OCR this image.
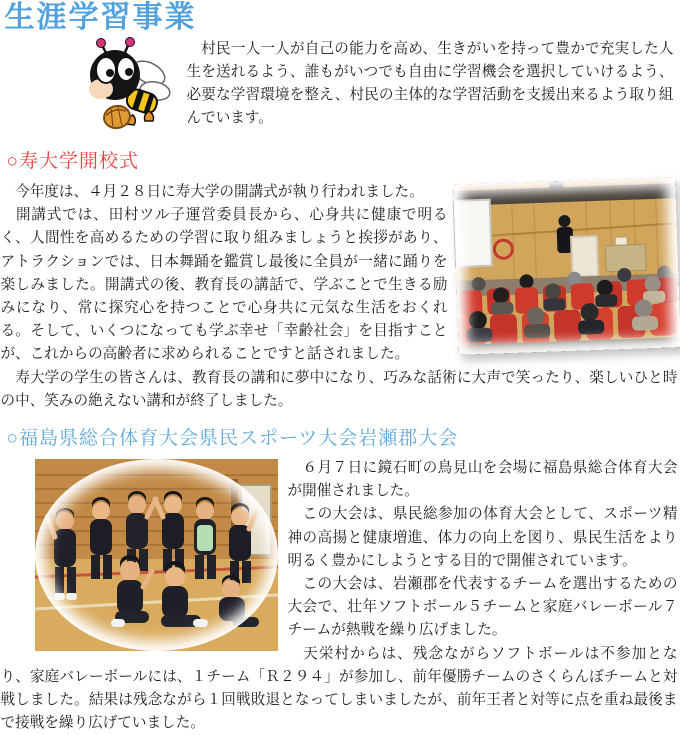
生涯学習事業

　村民一人一人が自己の能力を高め、生きがいを持って豊かで充実した人生を送れるよう、誰もがいつでも自由に学習機会を選択していけるよう、必要な学習環境を整え、村民の主体的な学習活動を支援出来るよう取り組んでいます。

○寿大学開校式

　今年度は、４月２８日に寿大学の開講式が執り行われました。

　開講式では、田村ツル子運営委員長から、心身共に健康で明るく、人間性を高めるための学習に取り組みましょうと挨拶があり、アトラクションでは、日本舞踊を鑑賞し最後に全員が一緒に踊りを楽しみました。開講式の後、教育長の講話で、学ぶことで生きる励みになり、常に探究心を持つことで心身共に元気な生活をおくれる。そして、いくつになっても学ぶ幸せ「幸齢社会」を目指すことが、これからの高齢者に求められることですと話されました。

　寿大学の学生の皆さんは、教育長の講和に夢中になり、巧みな話術に大声で笑ったり、楽しいひと時の中、笑みの絶えない講和が終了しました。

○福島県総合体育大会県民スポーツ大会岩瀬郡大会

　６月７日に鏡石町の鳥見山を会場に福島県総合体育大会が開催されました。

　この大会は、県民総参加の体育大会として、スポーツ精神の高揚と健康増進、体力の向上を図り、県民生活をより明るく豊かにしようとする目的で開催されています。

　この大会は、岩瀬郡を代表するチームを選出するための大会で、壮年ソフトボール５チームと家庭バレーボール７チームが熱戦を繰り広げました。

　天栄村からは、残念ながらソフトボールは不参加となり、家庭バレーボールには、１チーム「Ｒ２９４」が参加し、前年優勝チームのさくらんぼチームと対戦しました。結果は残念ながら１回戦敗退となってしまいましたが、前年王者と対等に点を重ね最後まで接戦を繰り広げていました。
